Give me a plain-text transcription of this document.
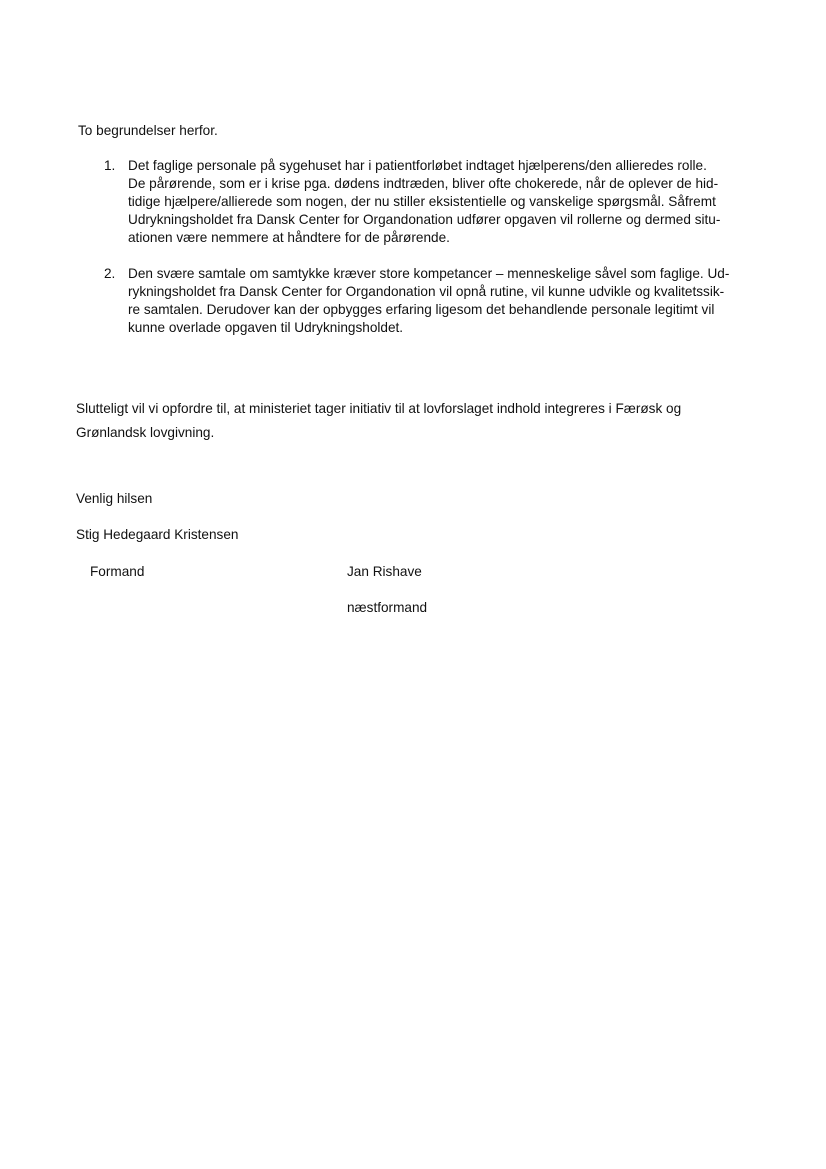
To begrundelser herfor.
1. Det faglige personale på sygehuset har i patientforløbet indtaget hjælperens/den allieredes rolle.
De pårørende, som er i krise pga. dødens indtræden, bliver ofte chokerede, når de oplever de hid-
tidige hjælpere/allierede som nogen, der nu stiller eksistentielle og vanskelige spørgsmål. Såfremt
Udrykningsholdet fra Dansk Center for Organdonation udfører opgaven vil rollerne og dermed situ-
ationen være nemmere at håndtere for de pårørende.
2. Den svære samtale om samtykke kræver store kompetancer – menneskelige såvel som faglige. Ud-
rykningsholdet fra Dansk Center for Organdonation vil opnå rutine, vil kunne udvikle og kvalitetssik-
re samtalen. Derudover kan der opbygges erfaring ligesom det behandlende personale legitimt vil
kunne overlade opgaven til Udrykningsholdet.
Slutteligt vil vi opfordre til, at ministeriet tager initiativ til at lovforslaget indhold integreres i Færøsk og
Grønlandsk lovgivning.
Venlig hilsen
Stig Hedegaard Kristensen
Formand	Jan Rishave
næstformand
